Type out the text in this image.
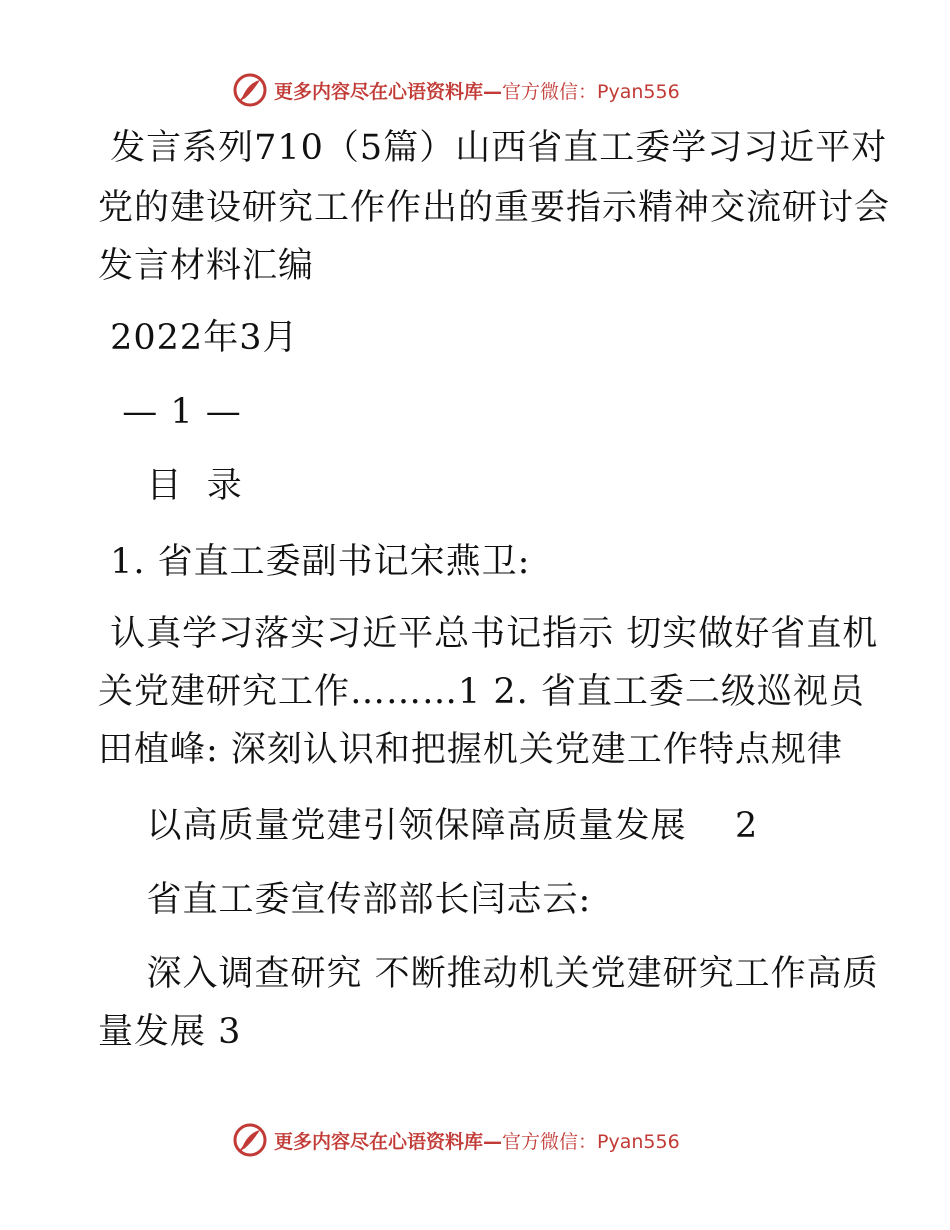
更多内容尽在心语资料库— 官方微信：Pyan556
发言系列710（5篇）山西省直工委学习习近平对
党的建设研究工作作出的重要指示精神交流研讨会
发言材料汇编
2022年3月
— 1 —
目  录
1. 省直工委副书记宋燕卫:
认真学习落实习近平总书记指示 切实做好省直机
关党建研究工作………1 2. 省直工委二级巡视员
田植峰: 深刻认识和把握机关党建工作特点规律
以高质量党建引领保障高质量发展    2
省直工委宣传部部长闫志云:
深入调查研究 不断推动机关党建研究工作高质
量发展 3
更多内容尽在心语资料库— 官方微信：Pyan556
